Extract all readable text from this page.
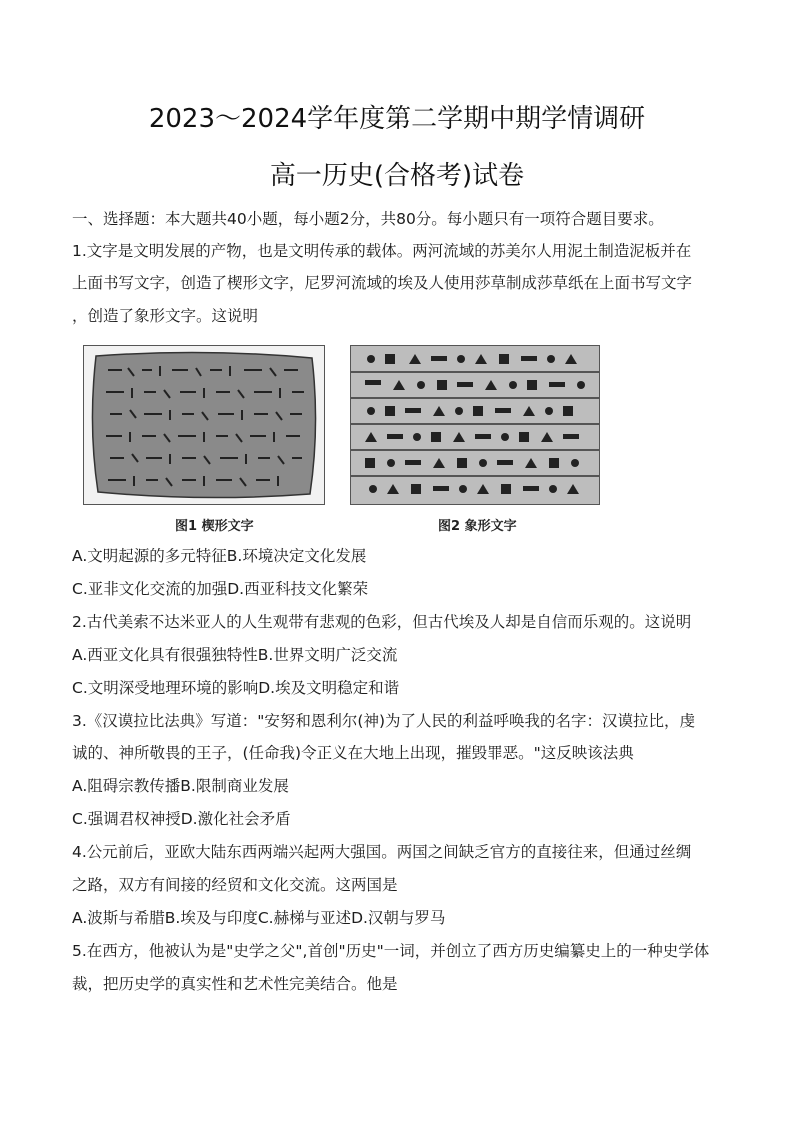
2023～2024学年度第二学期中期学情调研
高一历史(合格考)试卷
一、选择题：本大题共40小题，每小题2分，共80分。每小题只有一项符合题目要求。
1.文字是文明发展的产物，也是文明传承的载体。两河流域的苏美尔人用泥土制造泥板并在
上面书写文字，创造了楔形文字，尼罗河流域的埃及人使用莎草制成莎草纸在上面书写文字
，创造了象形文字。这说明
图1 楔形文字	图2 象形文字
A.文明起源的多元特征B.环境决定文化发展
C.亚非文化交流的加强D.西亚科技文化繁荣
2.古代美索不达米亚人的人生观带有悲观的色彩，但古代埃及人却是自信而乐观的。这说明
A.西亚文化具有很强独特性B.世界文明广泛交流
C.文明深受地理环境的影响D.埃及文明稳定和谐
3.《汉谟拉比法典》写道："安努和恩利尔(神)为了人民的利益呼唤我的名字：汉谟拉比，虔
诚的、神所敬畏的王子，(任命我)令正义在大地上出现，摧毁罪恶。"这反映该法典
A.阻碍宗教传播B.限制商业发展
C.强调君权神授D.激化社会矛盾
4.公元前后，亚欧大陆东西两端兴起两大强国。两国之间缺乏官方的直接往来，但通过丝绸
之路，双方有间接的经贸和文化交流。这两国是
A.波斯与希腊B.埃及与印度C.赫梯与亚述D.汉朝与罗马
5.在西方，他被认为是"史学之父",首创"历史"一词，并创立了西方历史编纂史上的一种史学体
裁，把历史学的真实性和艺术性完美结合。他是
